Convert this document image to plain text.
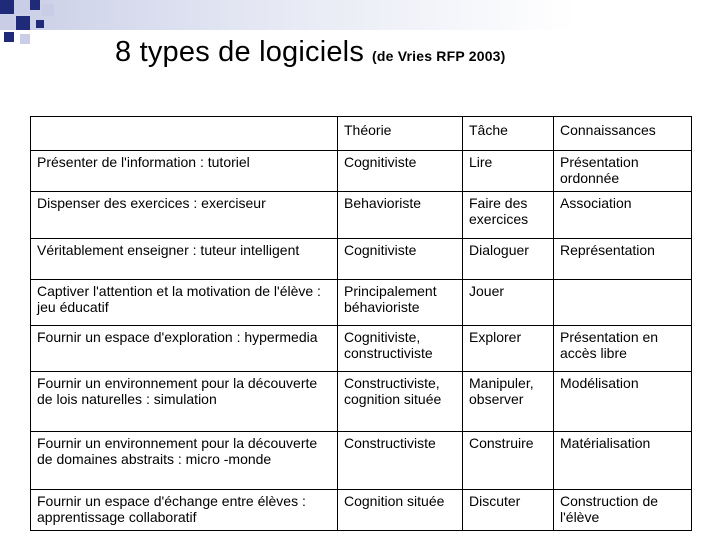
8 types de logiciels (de Vries RFP 2003)
	Théorie	Tâche	Connaissances
Présenter de l'information : tutoriel	Cognitiviste	Lire	Présentation ordonnée
Dispenser des exercices : exerciseur	Behavioriste	Faire des exercices	Association
Véritablement enseigner : tuteur intelligent	Cognitiviste	Dialoguer	Représentation
Captiver l'attention et la motivation de l'élève : jeu éducatif	Principalement béhavioriste	Jouer	
Fournir un espace d'exploration : hypermedia	Cognitiviste, constructiviste	Explorer	Présentation en accès libre
Fournir un environnement pour la découverte de lois naturelles : simulation	Constructiviste, cognition située	Manipuler, observer	Modélisation
Fournir un environnement pour la découverte de domaines abstraits : micro -monde	Constructiviste	Construire	Matérialisation
Fournir un espace d'échange entre élèves : apprentissage collaboratif	Cognition située	Discuter	Construction de l'élève
